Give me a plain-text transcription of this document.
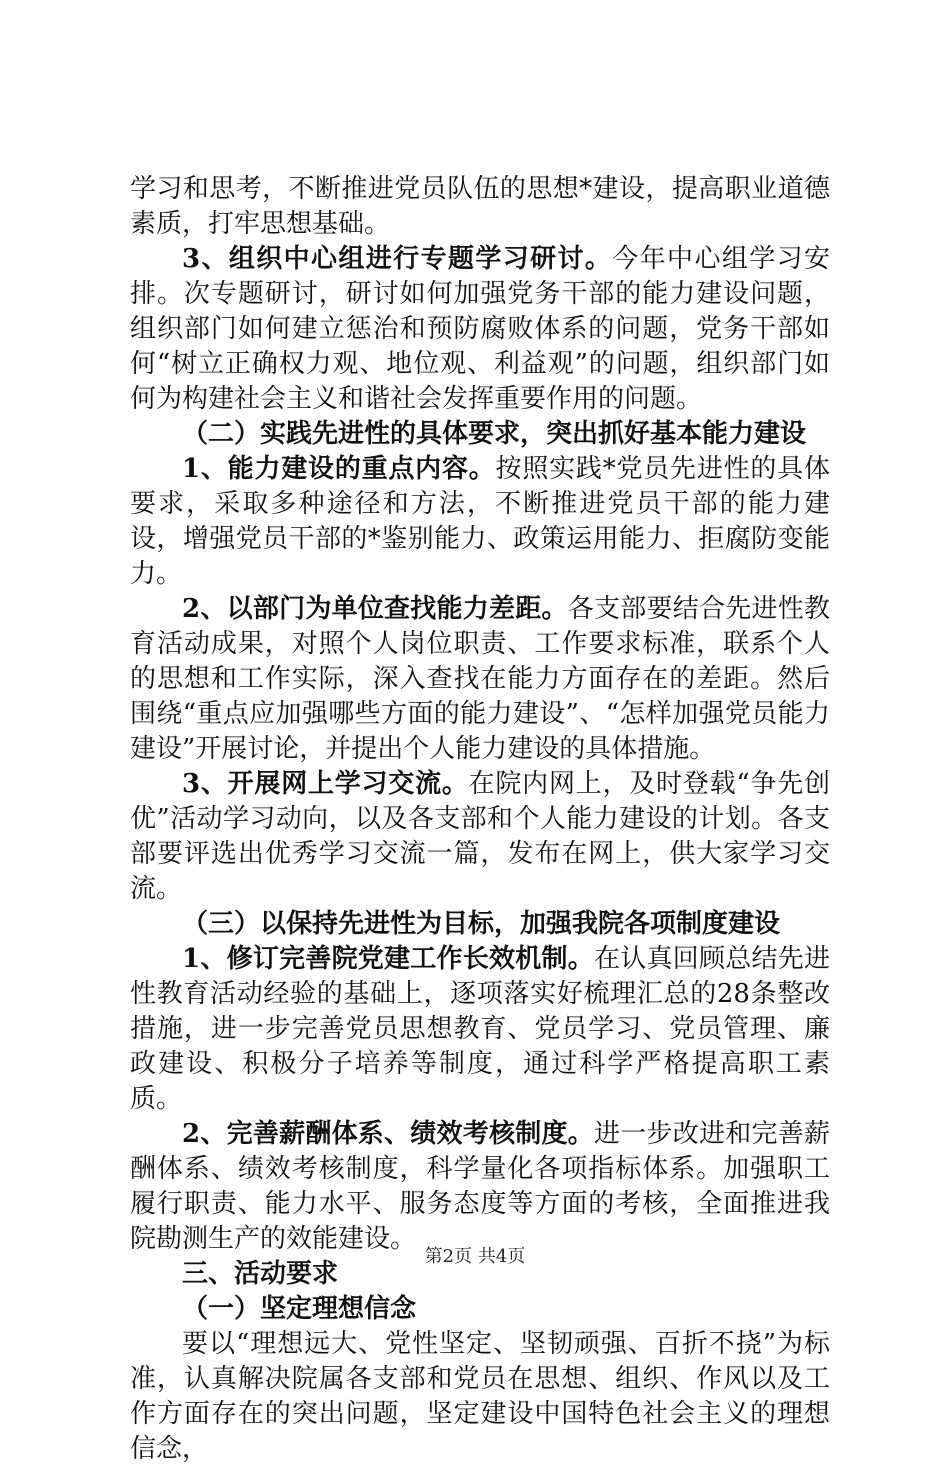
学习和思考，不断推进党员队伍的思想*建设，提高职业道德素质，打牢思想基础。

3、组织中心组进行专题学习研讨。今年中心组学习安排。次专题研讨，研讨如何加强党务干部的能力建设问题，组织部门如何建立惩治和预防腐败体系的问题，党务干部如何“树立正确权力观、地位观、利益观”的问题，组织部门如何为构建社会主义和谐社会发挥重要作用的问题。

（二）实践先进性的具体要求，突出抓好基本能力建设

1、能力建设的重点内容。按照实践*党员先进性的具体要求，采取多种途径和方法，不断推进党员干部的能力建设，增强党员干部的*鉴别能力、政策运用能力、拒腐防变能力。

2、以部门为单位查找能力差距。各支部要结合先进性教育活动成果，对照个人岗位职责、工作要求标准，联系个人的思想和工作实际，深入查找在能力方面存在的差距。然后围绕“重点应加强哪些方面的能力建设”、“怎样加强党员能力建设”开展讨论，并提出个人能力建设的具体措施。

3、开展网上学习交流。在院内网上，及时登载“争先创优”活动学习动向，以及各支部和个人能力建设的计划。各支部要评选出优秀学习交流一篇，发布在网上，供大家学习交流。

（三）以保持先进性为目标，加强我院各项制度建设

1、修订完善院党建工作长效机制。在认真回顾总结先进性教育活动经验的基础上，逐项落实好梳理汇总的28条整改措施，进一步完善党员思想教育、党员学习、党员管理、廉政建设、积极分子培养等制度，通过科学严格提高职工素质。

2、完善薪酬体系、绩效考核制度。进一步改进和完善薪酬体系、绩效考核制度，科学量化各项指标体系。加强职工履行职责、能力水平、服务态度等方面的考核，全面推进我院勘测生产的效能建设。

三、活动要求

（一）坚定理想信念

要以“理想远大、党性坚定、坚韧顽强、百折不挠”为标准，认真解决院属各支部和党员在思想、组织、作风以及工作方面存在的突出问题，坚定建设中国特色社会主义的理想信念，

第2页 共4页
